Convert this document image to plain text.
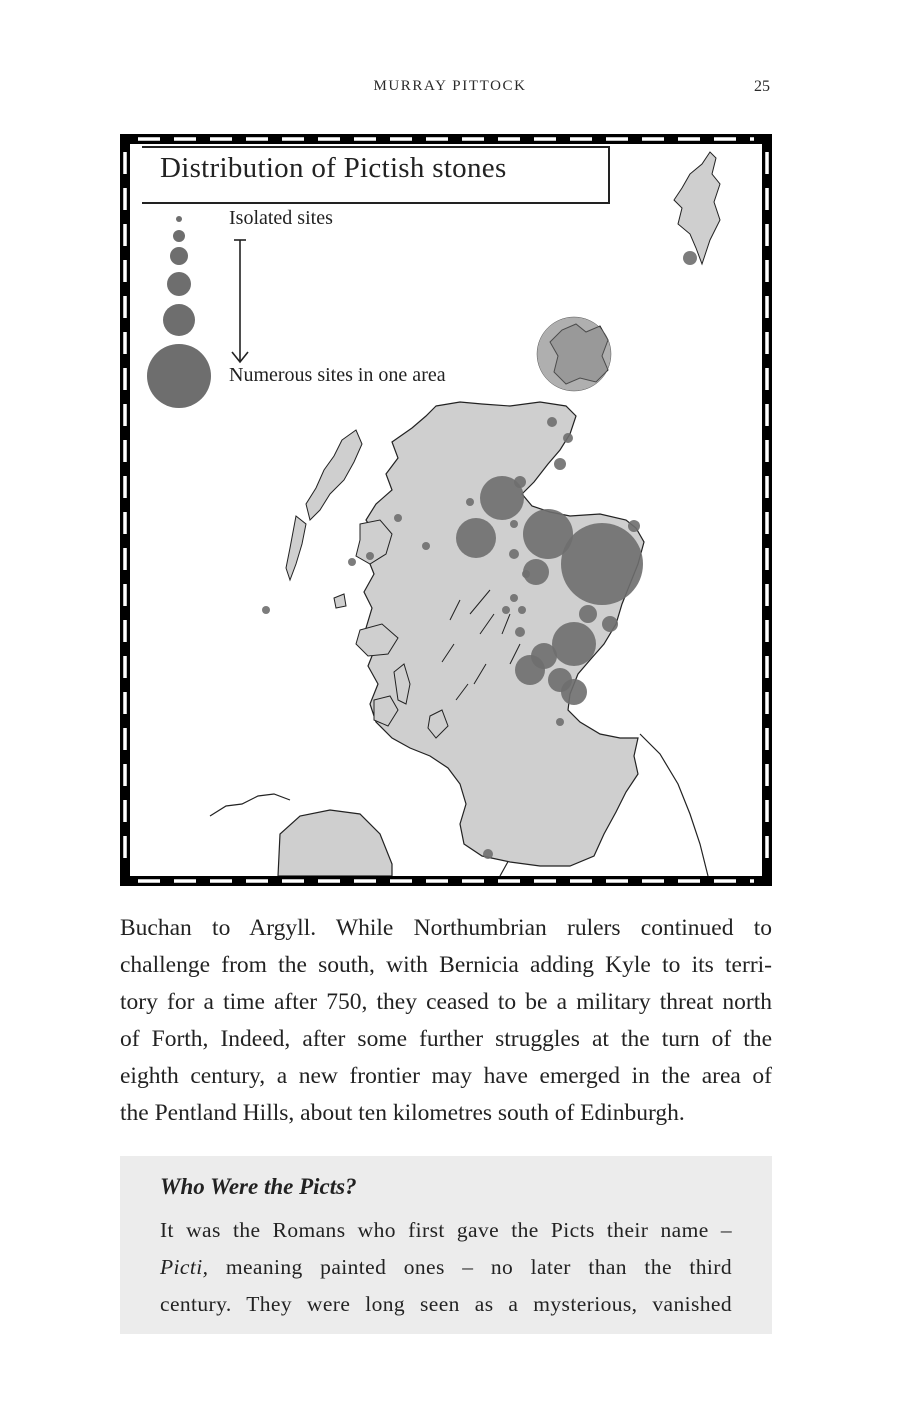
MURRAY PITTOCK	25
Distribution of Pictish stones
Isolated sites
Numerous sites in one area
Buchan to Argyll. While Northumbrian rulers continued to
challenge from the south, with Bernicia adding Kyle to its terri-
tory for a time after 750, they ceased to be a military threat north
of Forth, Indeed, after some further struggles at the turn of the
eighth century, a new frontier may have emerged in the area of
the Pentland Hills, about ten kilometres south of Edinburgh.
Who Were the Picts?
It was the Romans who first gave the Picts their name –
Picti, meaning painted ones – no later than the third
century. They were long seen as a mysterious, vanished
